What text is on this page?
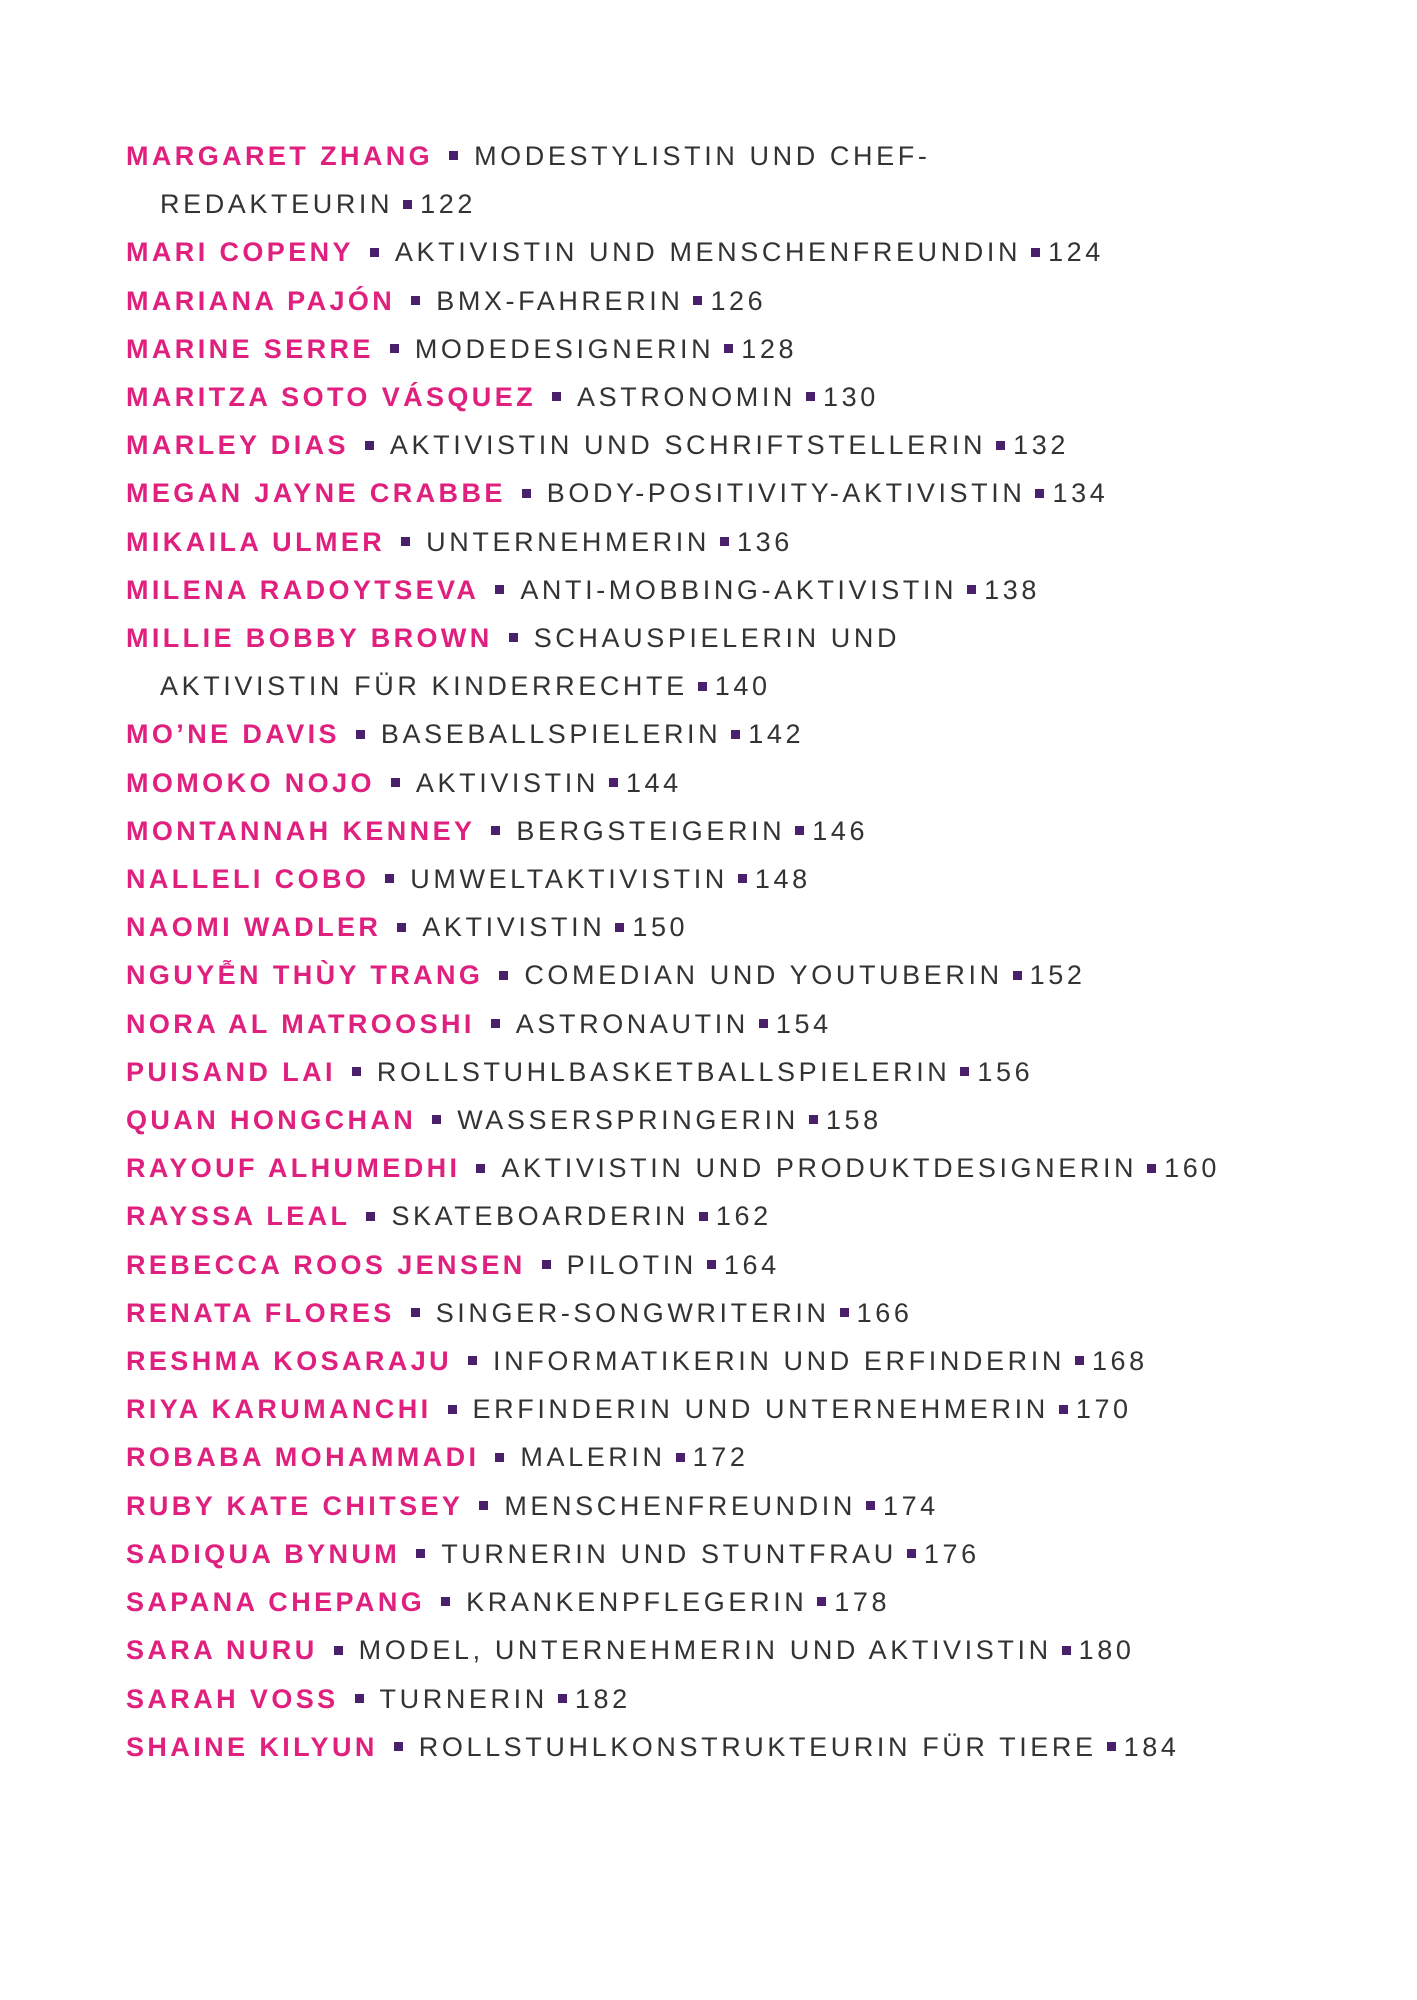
MARGARET ZHANG MODESTYLISTIN UND CHEF-REDAKTEURIN 122
MARI COPENY AKTIVISTIN UND MENSCHENFREUNDIN 124
MARIANA PAJÓN BMX-FAHRERIN 126
MARINE SERRE MODEDESIGNERIN 128
MARITZA SOTO VÁSQUEZ ASTRONOMIN 130
MARLEY DIAS AKTIVISTIN UND SCHRIFTSTELLERIN 132
MEGAN JAYNE CRABBE BODY-POSITIVITY-AKTIVISTIN 134
MIKAILA ULMER UNTERNEHMERIN 136
MILENA RADOYTSEVA ANTI-MOBBING-AKTIVISTIN 138
MILLIE BOBBY BROWN SCHAUSPIELERIN UND AKTIVISTIN FÜR KINDERRECHTE 140
MO’NE DAVIS BASEBALLSPIELERIN 142
MOMOKO NOJO AKTIVISTIN 144
MONTANNAH KENNEY BERGSTEIGERIN 146
NALLELI COBO UMWELTAKTIVISTIN 148
NAOMI WADLER AKTIVISTIN 150
NGUYỄN THÙY TRANG COMEDIAN UND YOUTUBERIN 152
NORA AL MATROOSHI ASTRONAUTIN 154
PUISAND LAI ROLLSTUHLBASKETBALLSPIELERIN 156
QUAN HONGCHAN WASSERSPRINGERIN 158
RAYOUF ALHUMEDHI AKTIVISTIN UND PRODUKTDESIGNERIN 160
RAYSSA LEAL SKATEBOARDERIN 162
REBECCA ROOS JENSEN PILOTIN 164
RENATA FLORES SINGER-SONGWRITERIN 166
RESHMA KOSARAJU INFORMATIKERIN UND ERFINDERIN 168
RIYA KARUMANCHI ERFINDERIN UND UNTERNEHMERIN 170
ROBABA MOHAMMADI MALERIN 172
RUBY KATE CHITSEY MENSCHENFREUNDIN 174
SADIQUA BYNUM TURNERIN UND STUNTFRAU 176
SAPANA CHEPANG KRANKENPFLEGERIN 178
SARA NURU MODEL, UNTERNEHMERIN UND AKTIVISTIN 180
SARAH VOSS TURNERIN 182
SHAINE KILYUN ROLLSTUHLKONSTRUKTEURIN FÜR TIERE 184
